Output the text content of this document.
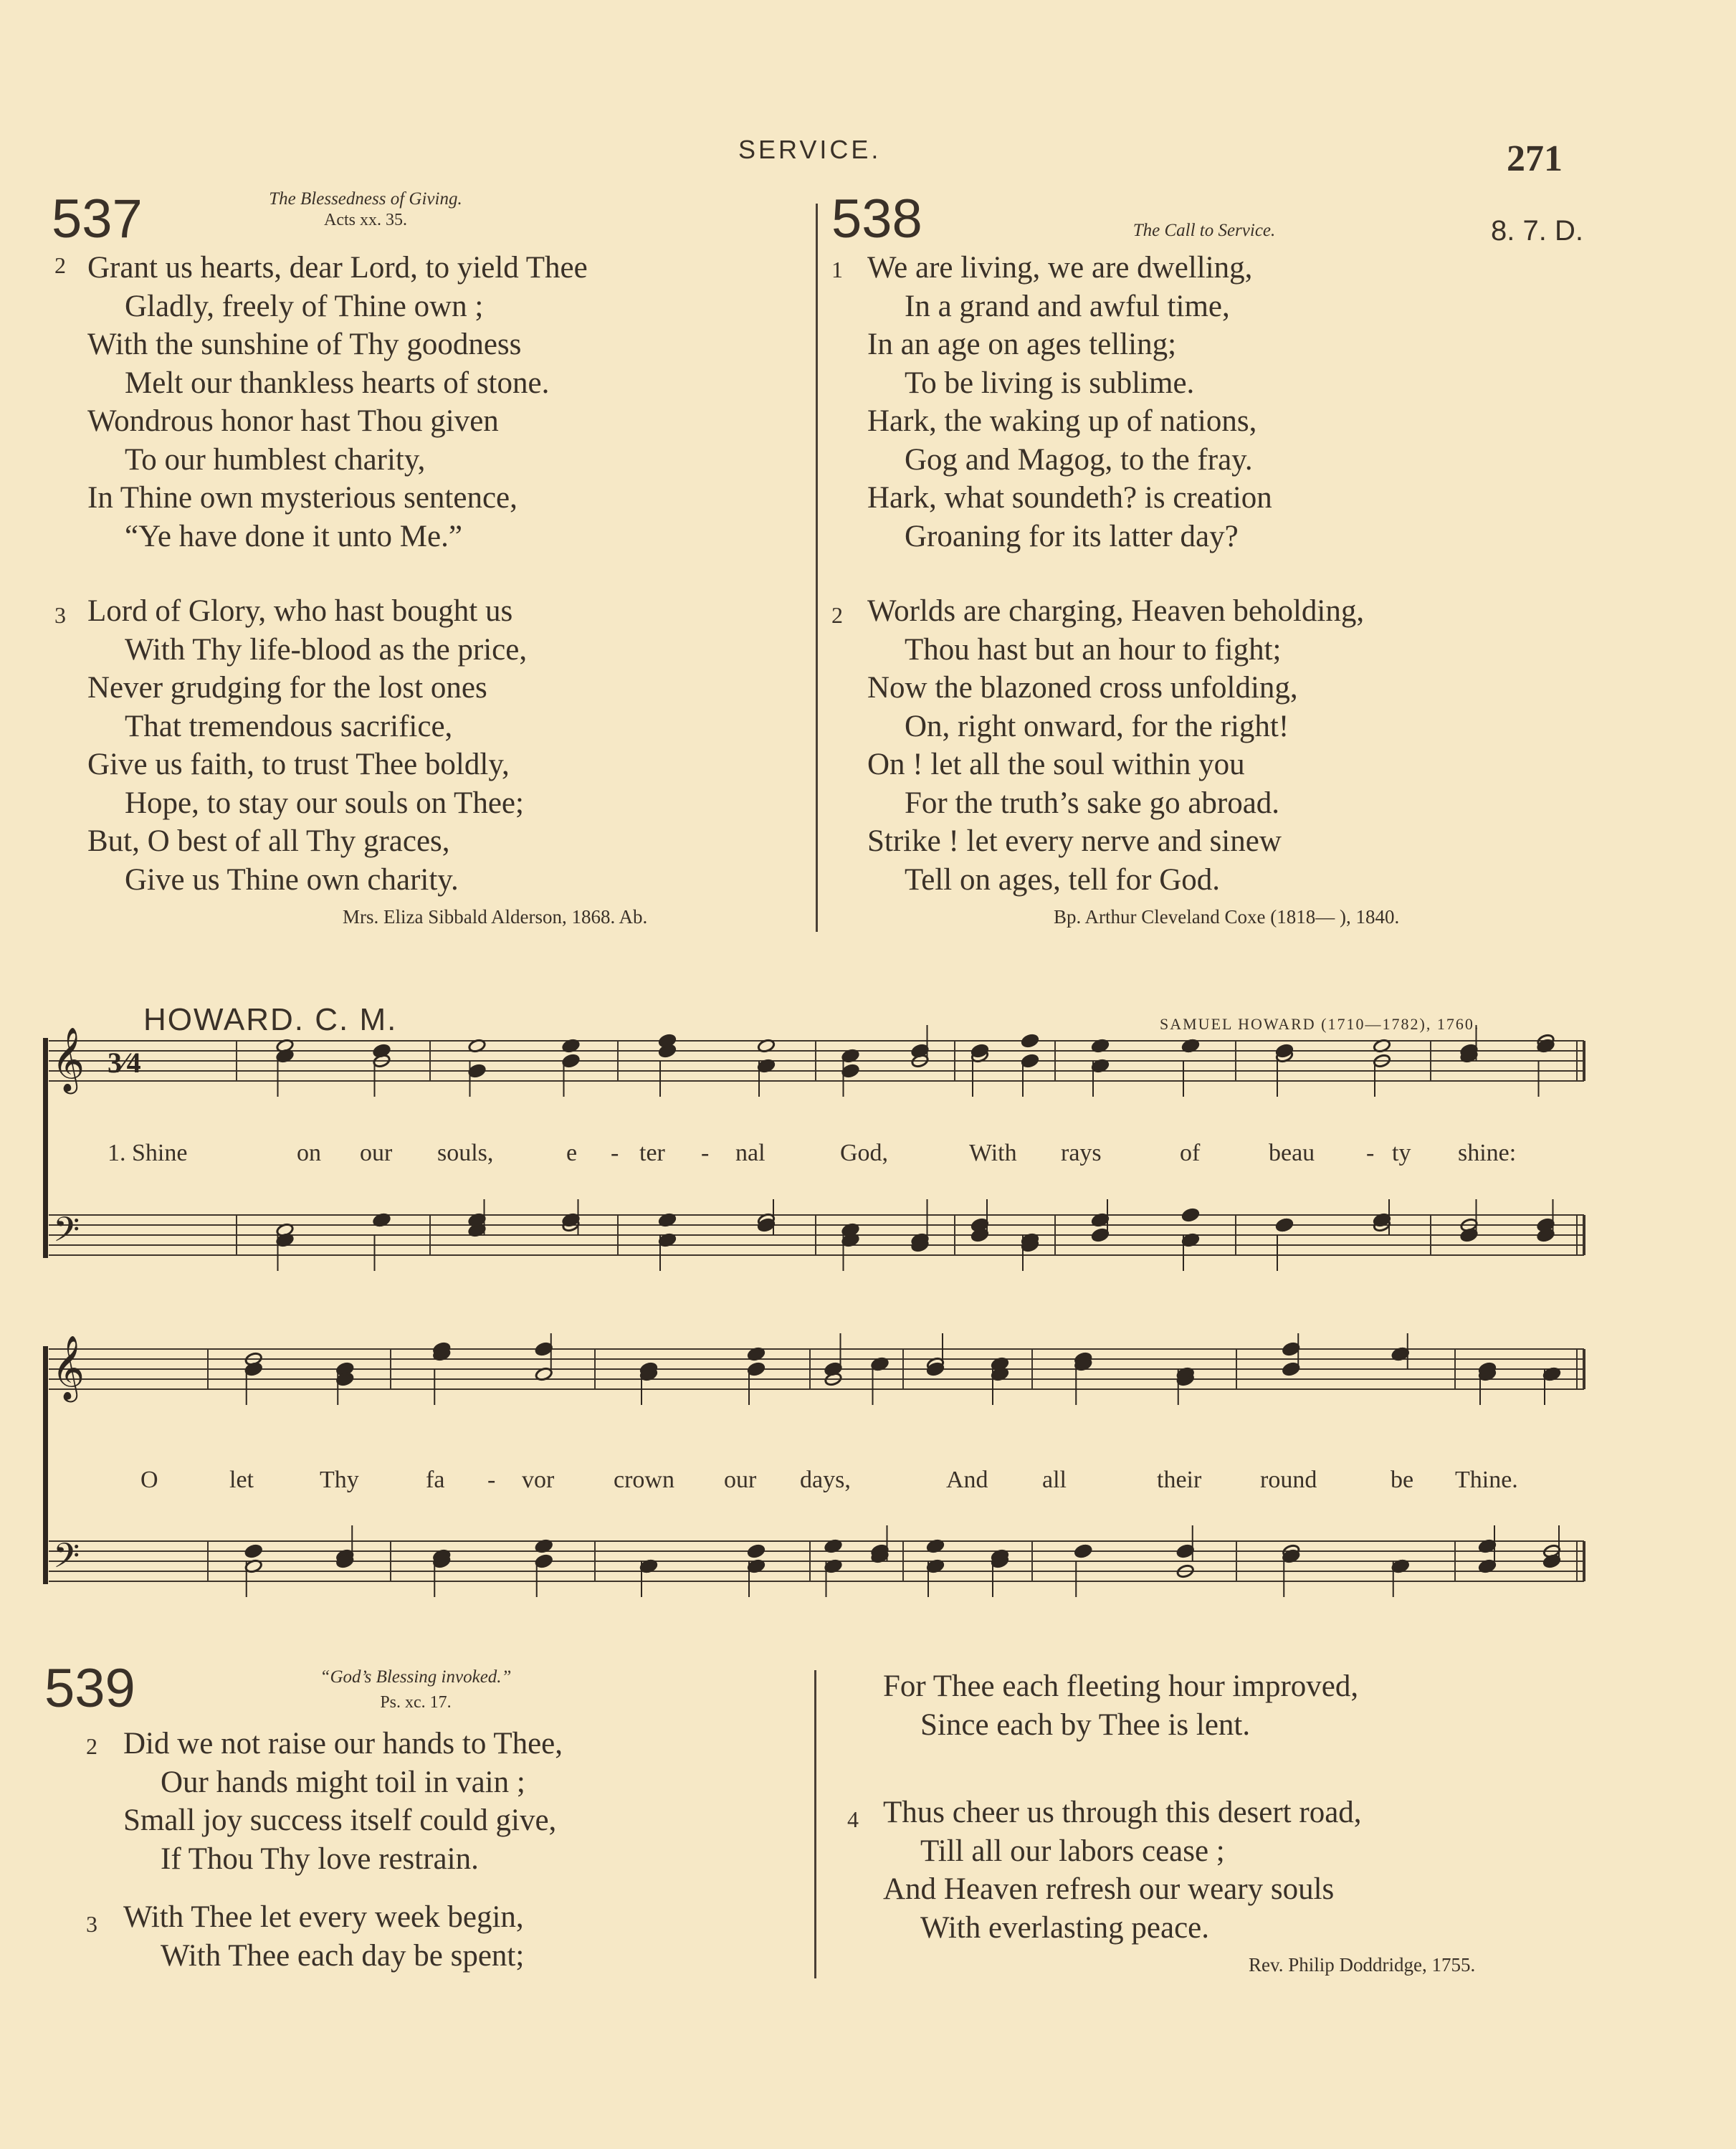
SERVICE.	271
537	The Blessedness of Giving.
Acts xx. 35.
2 Grant us hearts, dear Lord, to yield Thee
Gladly, freely of Thine own ;
With the sunshine of Thy goodness
Melt our thankless hearts of stone.
Wondrous honor hast Thou given
To our humblest charity,
In Thine own mysterious sentence,
“Ye have done it unto Me.”
3 Lord of Glory, who hast bought us
With Thy life-blood as the price,
Never grudging for the lost ones
That tremendous sacrifice,
Give us faith, to trust Thee boldly,
Hope, to stay our souls on Thee;
But, O best of all Thy graces,
Give us Thine own charity.
Mrs. Eliza Sibbald Alderson, 1868. Ab.
538	The Call to Service.	8. 7. D.
1 We are living, we are dwelling,
In a grand and awful time,
In an age on ages telling;
To be living is sublime.
Hark, the waking up of nations,
Gog and Magog, to the fray.
Hark, what soundeth? is creation
Groaning for its latter day?
2 Worlds are charging, Heaven beholding,
Thou hast but an hour to fight;
Now the blazoned cross unfolding,
On, right onward, for the right!
On ! let all the soul within you
For the truth’s sake go abroad.
Strike ! let every nerve and sinew
Tell on ages, tell for God.
Bp. Arthur Cleveland Coxe (1818— ), 1840.
HOWARD. C. M.	SAMUEL HOWARD (1710—1782), 1760.
𝄞
𝄢
3⁄4
1. Shine	on our souls,	e - ter - nal	God,	With rays	of	beau - ty shine:
𝄞
𝄢
O	let	Thy	fa - vor crown our days,	And all	their round	be Thine.
539	“God’s Blessing invoked.”
Ps. xc. 17.
2 Did we not raise our hands to Thee,
Our hands might toil in vain ;
Small joy success itself could give,
If Thou Thy love restrain.
3 With Thee let every week begin,
With Thee each day be spent;
For Thee each fleeting hour improved,
Since each by Thee is lent.
4 Thus cheer us through this desert road,
Till all our labors cease ;
And Heaven refresh our weary souls
With everlasting peace.
Rev. Philip Doddridge, 1755.
